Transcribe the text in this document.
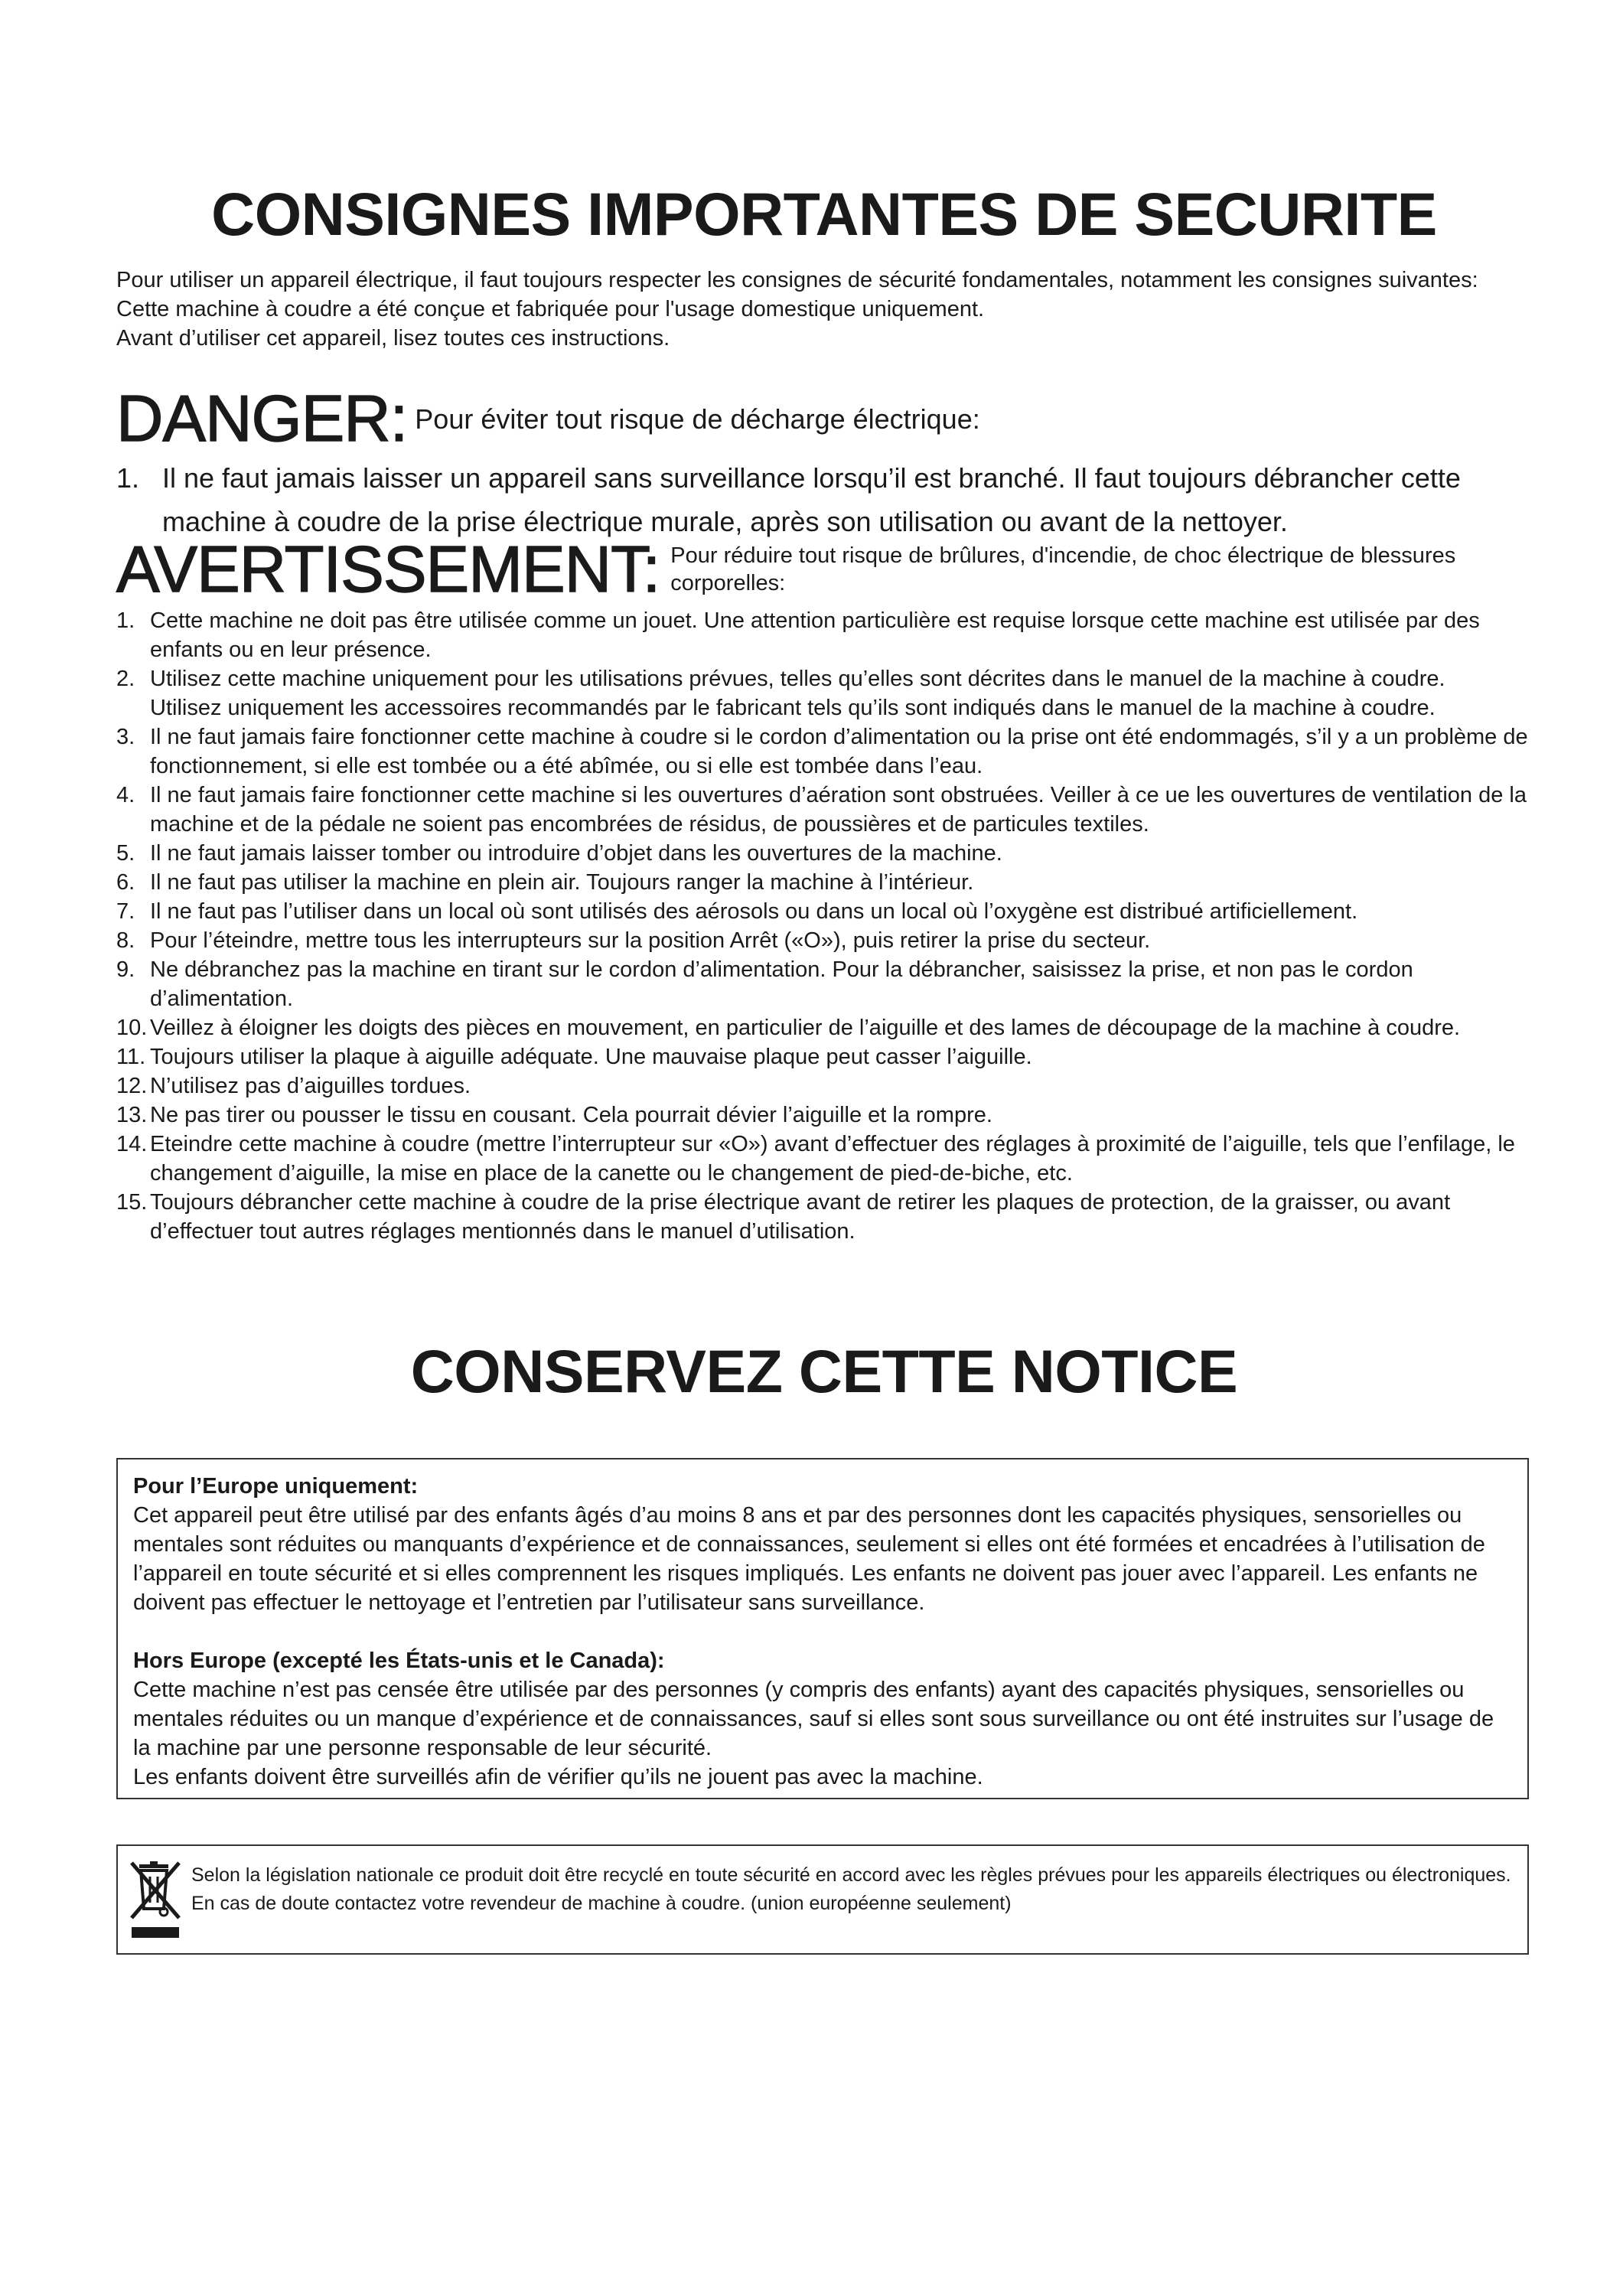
CONSIGNES IMPORTANTES DE SECURITE

Pour utiliser un appareil électrique, il faut toujours respecter les consignes de sécurité fondamentales, notamment les consignes suivantes:

Cette machine à coudre a été conçue et fabriquée pour l'usage domestique uniquement.

Avant d’utiliser cet appareil, lisez toutes ces instructions.

DANGER: Pour éviter tout risque de décharge électrique:
1. Il ne faut jamais laisser un appareil sans surveillance lorsqu’il est branché. Il faut toujours débrancher cette machine à coudre de la prise électrique murale, après son utilisation ou avant de la nettoyer.
AVERTISSEMENT: Pour réduire tout risque de brûlures, d'incendie, de choc électrique de blessures corporelles:
1. Cette machine ne doit pas être utilisée comme un jouet. Une attention particulière est requise lorsque cette machine est utilisée par des enfants ou en leur présence.
2. Utilisez cette machine uniquement pour les utilisations prévues, telles qu’elles sont décrites dans le manuel de la machine à coudre.
Utilisez uniquement les accessoires recommandés par le fabricant tels qu’ils sont indiqués dans le manuel de la machine à coudre.
3. Il ne faut jamais faire fonctionner cette machine à coudre si le cordon d’alimentation ou la prise ont été endommagés, s’il y a un problème de fonctionnement, si elle est tombée ou a été abîmée, ou si elle est tombée dans l’eau.
4. Il ne faut jamais faire fonctionner cette machine si les ouvertures d’aération sont obstruées. Veiller à ce ue les ouvertures de ventilation de la machine et de la pédale ne soient pas encombrées de résidus, de poussières et de particules textiles.
5. Il ne faut jamais laisser tomber ou introduire d’objet dans les ouvertures de la machine.
6. Il ne faut pas utiliser la machine en plein air. Toujours ranger la machine à l’intérieur.
7. Il ne faut pas l’utiliser dans un local où sont utilisés des aérosols ou dans un local où l’oxygène est distribué artificiellement.
8. Pour l’éteindre, mettre tous les interrupteurs sur la position Arrêt («O»), puis retirer la prise du secteur.
9. Ne débranchez pas la machine en tirant sur le cordon d’alimentation. Pour la débrancher, saisissez la prise, et non pas le cordon d’alimentation.
10. Veillez à éloigner les doigts des pièces en mouvement, en particulier de l’aiguille et des lames de découpage de la machine à coudre.
11. Toujours utiliser la plaque à aiguille adéquate. Une mauvaise plaque peut casser l’aiguille.
12. N’utilisez pas d’aiguilles tordues.
13. Ne pas tirer ou pousser le tissu en cousant. Cela pourrait dévier l’aiguille et la rompre.
14. Eteindre cette machine à coudre (mettre l’interrupteur sur «O») avant d’effectuer des réglages à proximité de l’aiguille, tels que l’enfilage, le changement d’aiguille, la mise en place de la canette ou le changement de pied-de-biche, etc.
15. Toujours débrancher cette machine à coudre de la prise électrique avant de retirer les plaques de protection, de la graisser, ou avant d’effectuer tout autres réglages mentionnés dans le manuel d’utilisation.
CONSERVEZ CETTE NOTICE
Pour l’Europe uniquement:
Cet appareil peut être utilisé par des enfants âgés d’au moins 8 ans et par des personnes dont les capacités physiques, sensorielles ou mentales sont réduites ou manquants d’expérience et de connaissances, seulement si elles ont été formées et encadrées à l’utilisation de l’appareil en toute sécurité et si elles comprennent les risques impliqués. Les enfants ne doivent pas jouer avec l’appareil. Les enfants ne doivent pas effectuer le nettoyage et l’entretien par l’utilisateur sans surveillance.
Hors Europe (excepté les États-unis et le Canada):
Cette machine n’est pas censée être utilisée par des personnes (y compris des enfants) ayant des capacités physiques, sensorielles ou mentales réduites ou un manque d’expérience et de connaissances, sauf si elles sont sous surveillance ou ont été instruites sur l’usage de la machine par une personne responsable de leur sécurité.
Les enfants doivent être surveillés afin de vérifier qu’ils ne jouent pas avec la machine.
Selon la législation nationale ce produit doit être recyclé en toute sécurité en accord avec les règles prévues pour les appareils électriques ou électroniques. En cas de doute contactez votre revendeur de machine à coudre. (union européenne seulement)
